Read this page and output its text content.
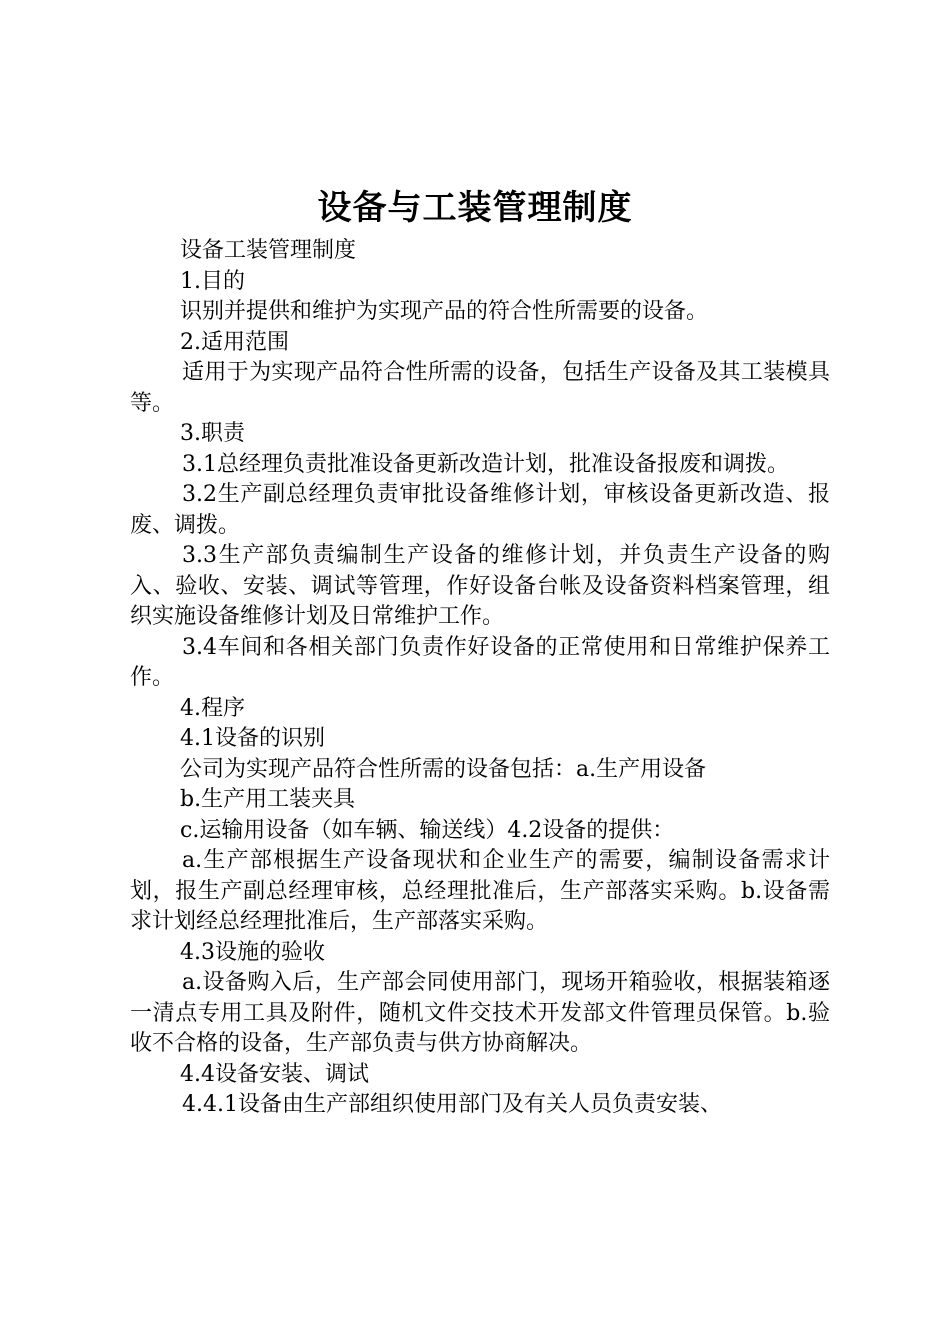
设备与工装管理制度

设备工装管理制度

1.目的

识别并提供和维护为实现产品的符合性所需要的设备。

2.适用范围

适用于为实现产品符合性所需的设备，包括生产设备及其工装模具等。

3.职责

3.1总经理负责批准设备更新改造计划，批准设备报废和调拨。

3.2生产副总经理负责审批设备维修计划，审核设备更新改造、报废、调拨。

3.3生产部负责编制生产设备的维修计划，并负责生产设备的购入、验收、安装、调试等管理，作好设备台帐及设备资料档案管理，组织实施设备维修计划及日常维护工作。

3.4车间和各相关部门负责作好设备的正常使用和日常维护保养工作。

4.程序

4.1设备的识别

公司为实现产品符合性所需的设备包括：a.生产用设备

b.生产用工装夹具

c.运输用设备（如车辆、输送线）4.2设备的提供：

a.生产部根据生产设备现状和企业生产的需要，编制设备需求计划，报生产副总经理审核，总经理批准后，生产部落实采购。b.设备需求计划经总经理批准后，生产部落实采购。

4.3设施的验收

a.设备购入后，生产部会同使用部门，现场开箱验收，根据装箱逐一清点专用工具及附件，随机文件交技术开发部文件管理员保管。b.验收不合格的设备，生产部负责与供方协商解决。

4.4设备安装、调试

4.4.1设备由生产部组织使用部门及有关人员负责安装、
